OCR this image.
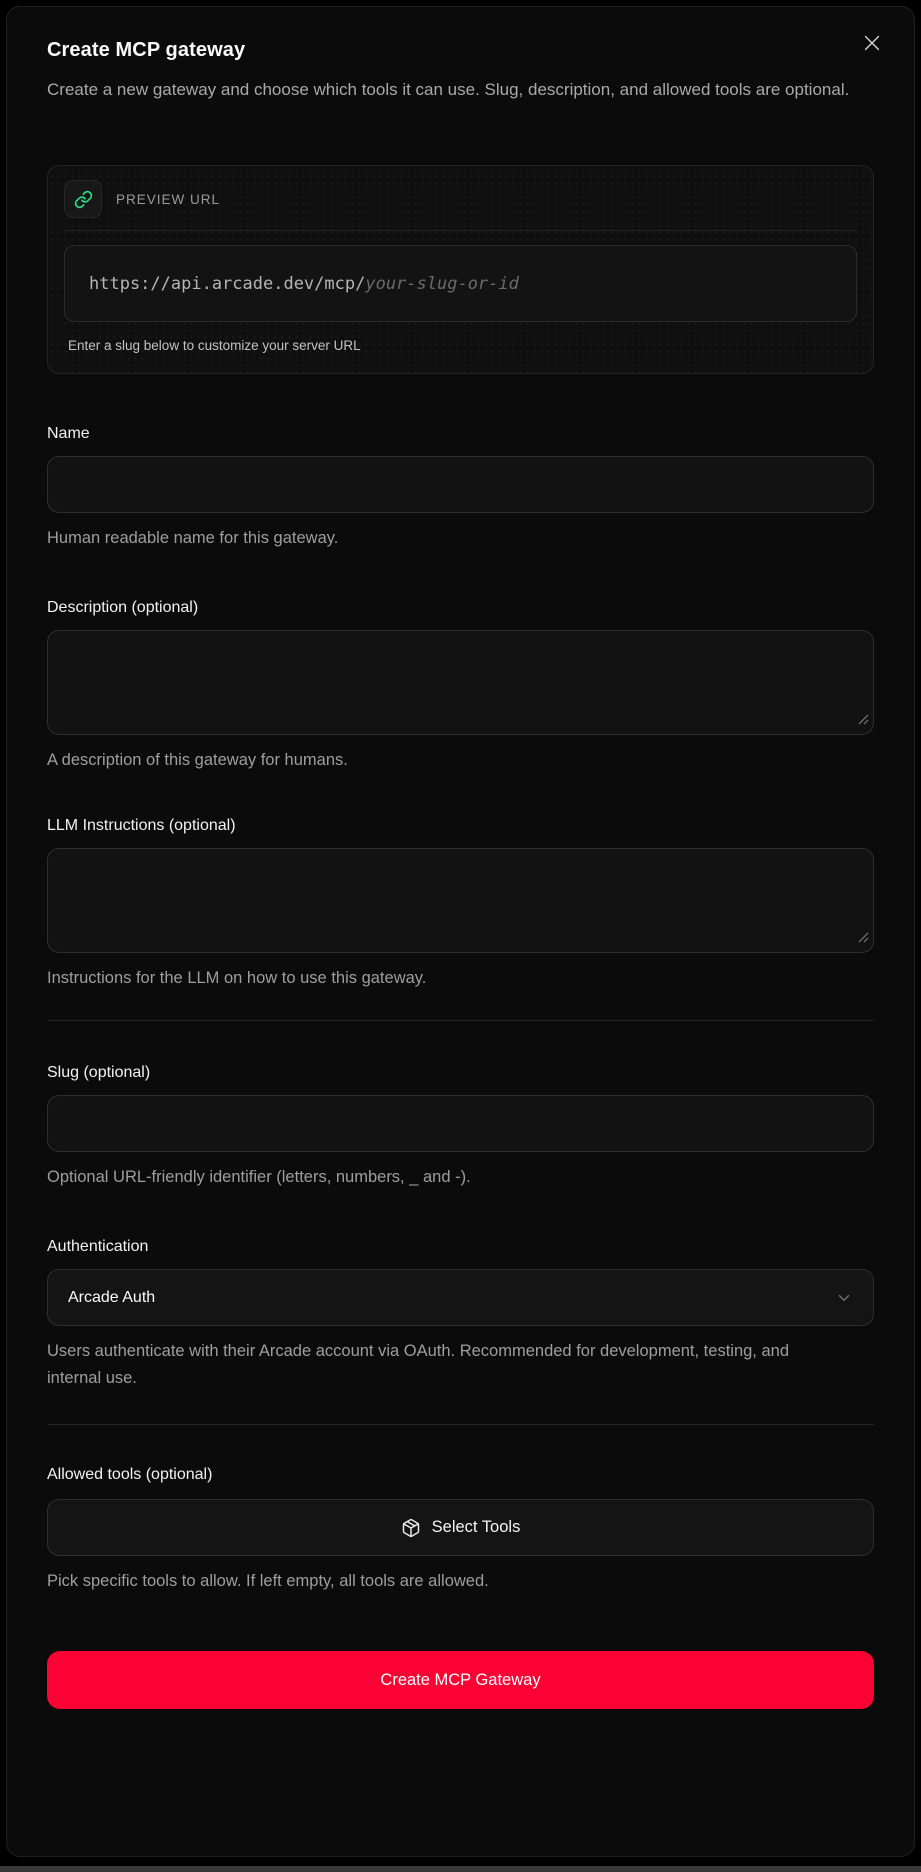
Create MCP gateway

Create a new gateway and choose which tools it can use. Slug, description, and allowed tools are optional.

PREVIEW URL
https://api.arcade.dev/mcp/ your-slug-or-id
Enter a slug below to customize your server URL
Name
Human readable name for this gateway.
Description (optional)
A description of this gateway for humans.
LLM Instructions (optional)
Instructions for the LLM on how to use this gateway.
Slug (optional)
Optional URL-friendly identifier (letters, numbers, _ and -).
Authentication
Arcade Auth
Users authenticate with their Arcade account via OAuth. Recommended for development, testing, and internal use.
Allowed tools (optional)
Select Tools
Pick specific tools to allow. If left empty, all tools are allowed.
Create MCP Gateway
